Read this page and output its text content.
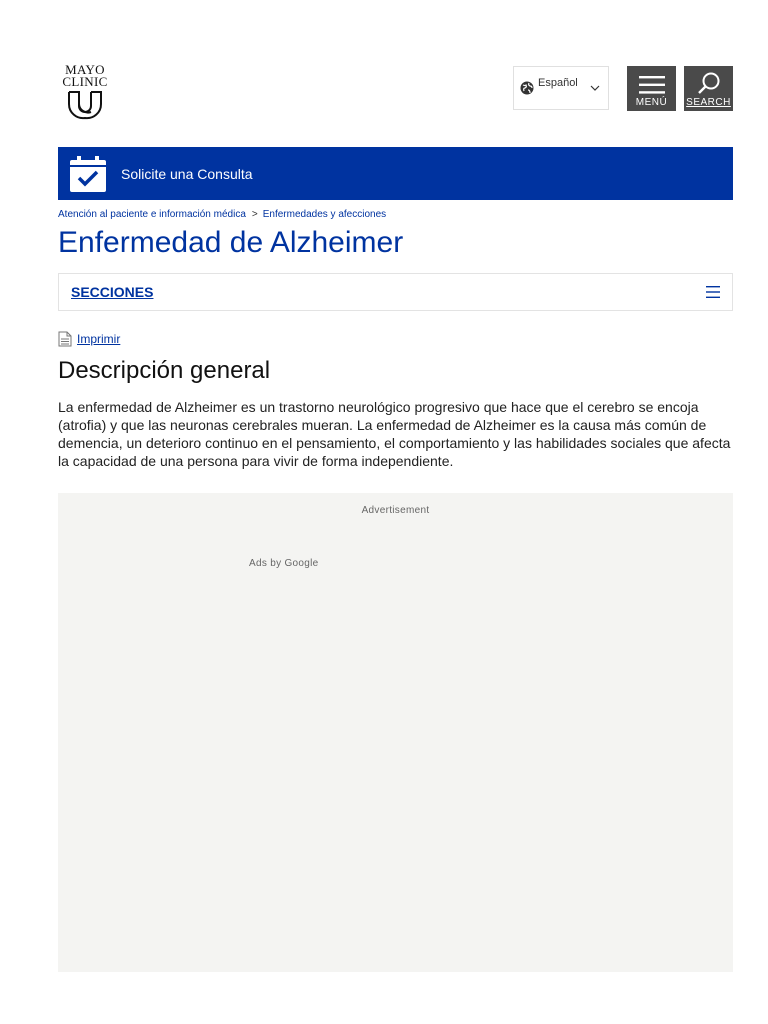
MAYO
CLINIC	Español
MENÚ SEARCH
Solicite una Consulta
Atención al paciente e información médica > Enfermedades y afecciones
Enfermedad de Alzheimer
SECCIONES
Imprimir
Descripción general

La enfermedad de Alzheimer es un trastorno neurológico progresivo que hace que el cerebro se encoja (atrofia) y que las neuronas cerebrales mueran. La enfermedad de Alzheimer es la causa más común de demencia, un deterioro continuo en el pensamiento, el comportamiento y las habilidades sociales que afecta la capacidad de una persona para vivir de forma independiente.

Advertisement
Ads by Google
